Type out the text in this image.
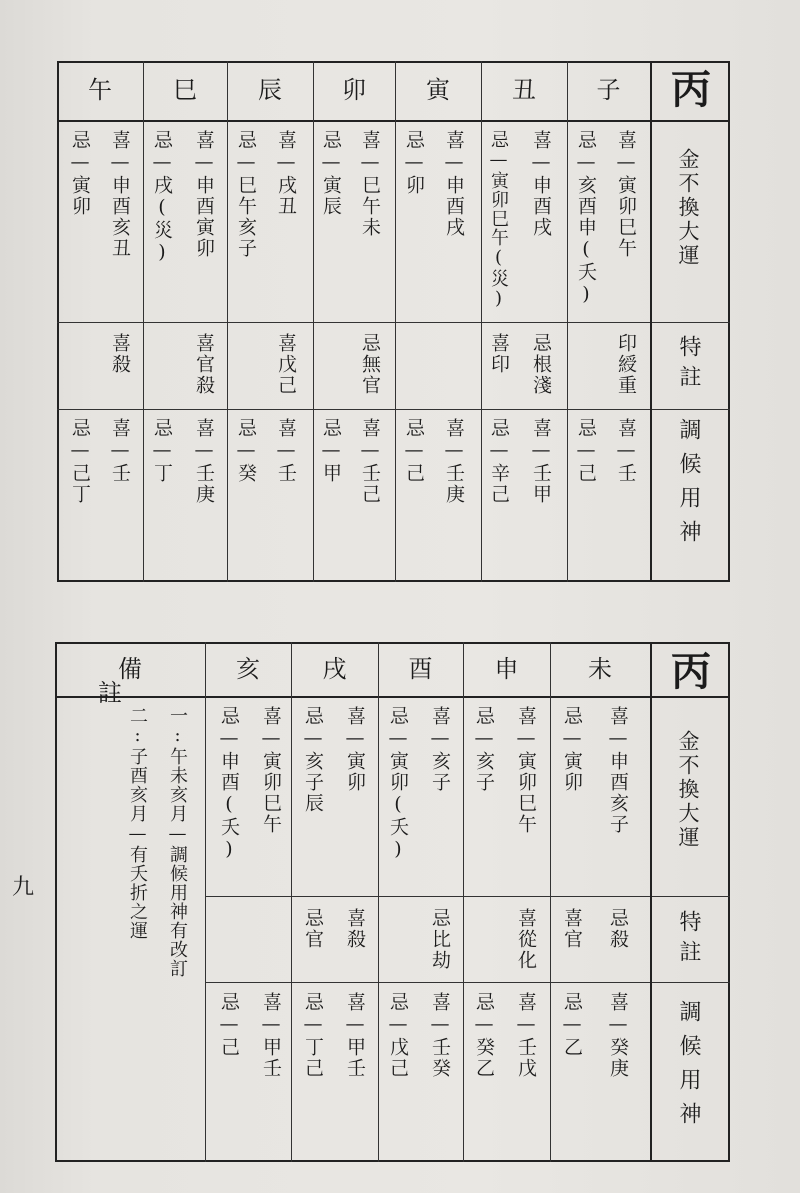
丙
金不換大運
特註
調候用神
子
喜—寅卯巳午
忌—亥酉申(夭)
印綬重
喜—壬
忌—己
丑
喜—申酉戌
忌—寅卯巳午(災)
忌根淺
喜印
喜—壬甲
忌—辛己
寅
喜—申酉戌
忌—卯
喜—壬庚
忌—己
卯
喜—巳午未
忌—寅辰
忌無官
喜—壬己
忌—甲
辰
喜—戌丑
忌—巳午亥子
喜戊己
喜—壬
忌—癸
巳
喜—申酉寅卯
忌—戌(災)
喜官殺
喜—壬庚
忌—丁
午
喜—申酉亥丑
忌—寅卯
喜殺
喜—壬
忌—己丁
九
丙
金不換大運
特註
調候用神
未
喜—申酉亥子
忌—寅卯
忌殺
喜官
喜—癸庚
忌—乙
申
喜—寅卯巳午
忌—亥子
喜從化
喜—壬戊
忌—癸乙
酉
喜—亥子
忌—寅卯(夭)
忌比劫
喜—壬癸
忌—戊己
戌
喜—寅卯
忌—亥子辰
喜殺
忌官
喜—甲壬
忌—丁己
亥
喜—寅卯巳午
忌—申酉(夭)
喜—甲壬
忌—己
備註
一:午未亥月—調候用神有改訂
二:子酉亥月—有夭折之運
